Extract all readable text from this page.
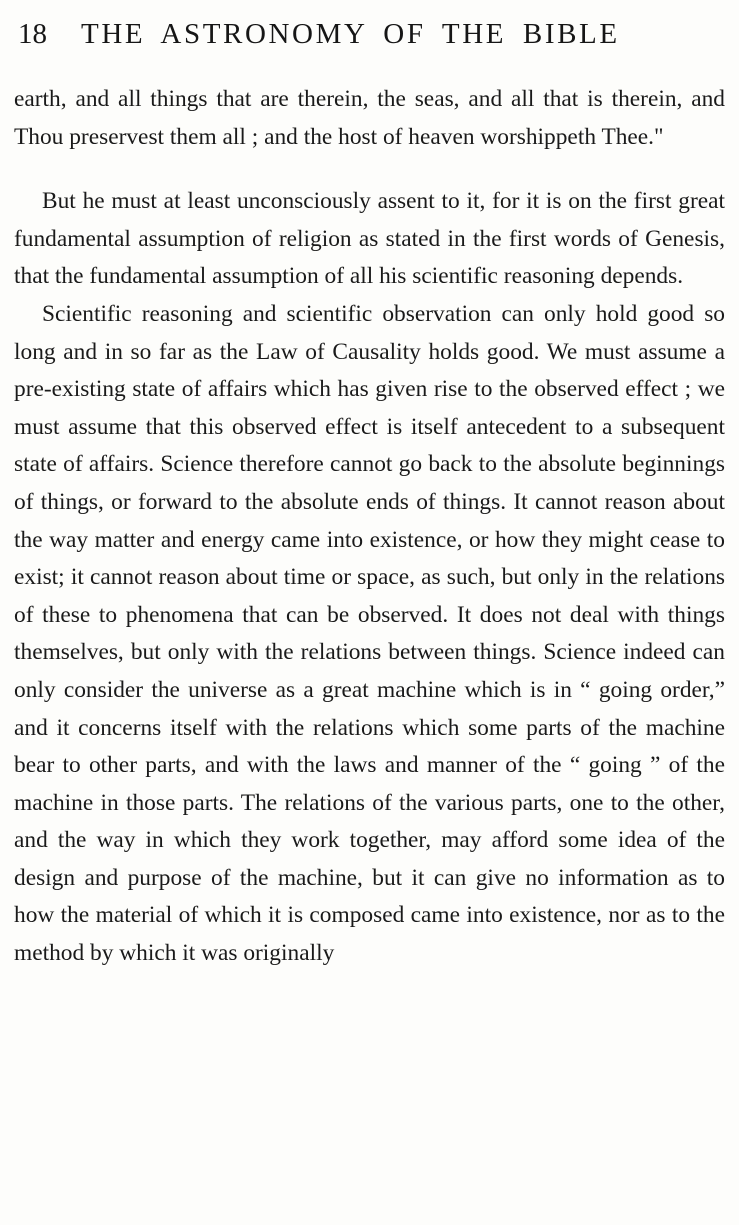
18 THE ASTRONOMY OF THE BIBLE

earth, and all things that are therein, the seas, and all that is therein, and Thou preservest them all ; and the host of heaven worshippeth Thee."

But he must at least unconsciously assent to it, for it is on the first great fundamental assumption of religion as stated in the first words of Genesis, that the fundamental assumption of all his scientific reasoning depends.

Scientific reasoning and scientific observation can only hold good so long and in so far as the Law of Causality holds good. We must assume a pre-existing state of affairs which has given rise to the observed effect ; we must assume that this observed effect is itself antecedent to a subsequent state of affairs. Science therefore cannot go back to the absolute beginnings of things, or forward to the absolute ends of things. It cannot reason about the way matter and energy came into existence, or how they might cease to exist; it cannot reason about time or space, as such, but only in the relations of these to phenomena that can be observed. It does not deal with things themselves, but only with the relations between things. Science indeed can only consider the universe as a great machine which is in “ going order,” and it concerns itself with the relations which some parts of the machine bear to other parts, and with the laws and manner of the “ going ” of the machine in those parts. The relations of the various parts, one to the other, and the way in which they work together, may afford some idea of the design and purpose of the machine, but it can give no information as to how the material of which it is composed came into existence, nor as to the method by which it was originally
